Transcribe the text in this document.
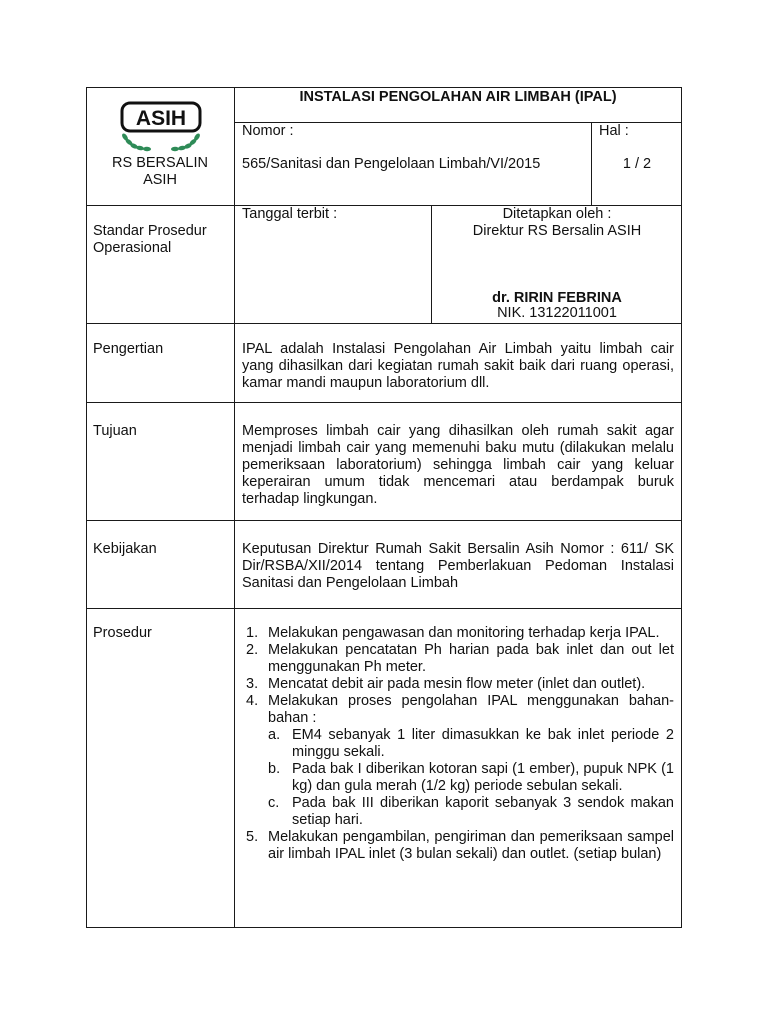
ASIH
RS BERSALIN
ASIH
INSTALASI PENGOLAHAN AIR LIMBAH (IPAL)
Nomor :
565/Sanitasi dan Pengelolaan Limbah/VI/2015
Hal :
1 / 2
Standar Prosedur
Operasional
Tanggal terbit :	Ditetapkan oleh :
Direktur RS Bersalin ASIH
dr. RIRIN FEBRINA
NIK. 13122011001
Pengertian	IPAL adalah Instalasi Pengolahan Air Limbah yaitu limbah cair yang dihasilkan dari kegiatan rumah sakit baik dari ruang operasi, kamar mandi maupun laboratorium dll.
Tujuan	Memproses limbah cair yang dihasilkan oleh rumah sakit agar menjadi limbah cair yang memenuhi baku mutu (dilakukan melalu pemeriksaan laboratorium) sehingga limbah cair yang keluar keperairan umum tidak mencemari atau berdampak buruk terhadap lingkungan.
Kebijakan	Keputusan Direktur Rumah Sakit Bersalin Asih Nomor : 611/ SK Dir/RSBA/XII/2014 tentang Pemberlakuan Pedoman Instalasi Sanitasi dan Pengelolaan Limbah
Prosedur	1. Melakukan pengawasan dan monitoring terhadap kerja IPAL.
2. Melakukan pencatatan Ph harian pada bak inlet dan out let menggunakan Ph meter.
3. Mencatat debit air pada mesin flow meter (inlet dan outlet).
4. Melakukan proses pengolahan IPAL menggunakan bahan-bahan :
a. EM4 sebanyak 1 liter dimasukkan ke bak inlet periode 2 minggu sekali.
b. Pada bak I diberikan kotoran sapi (1 ember), pupuk NPK (1 kg) dan gula merah (1/2 kg) periode sebulan sekali.
c. Pada bak III diberikan kaporit sebanyak 3 sendok makan setiap hari.
5. Melakukan pengambilan, pengiriman dan pemeriksaan sampel air limbah IPAL inlet (3 bulan sekali) dan outlet. (setiap bulan)
